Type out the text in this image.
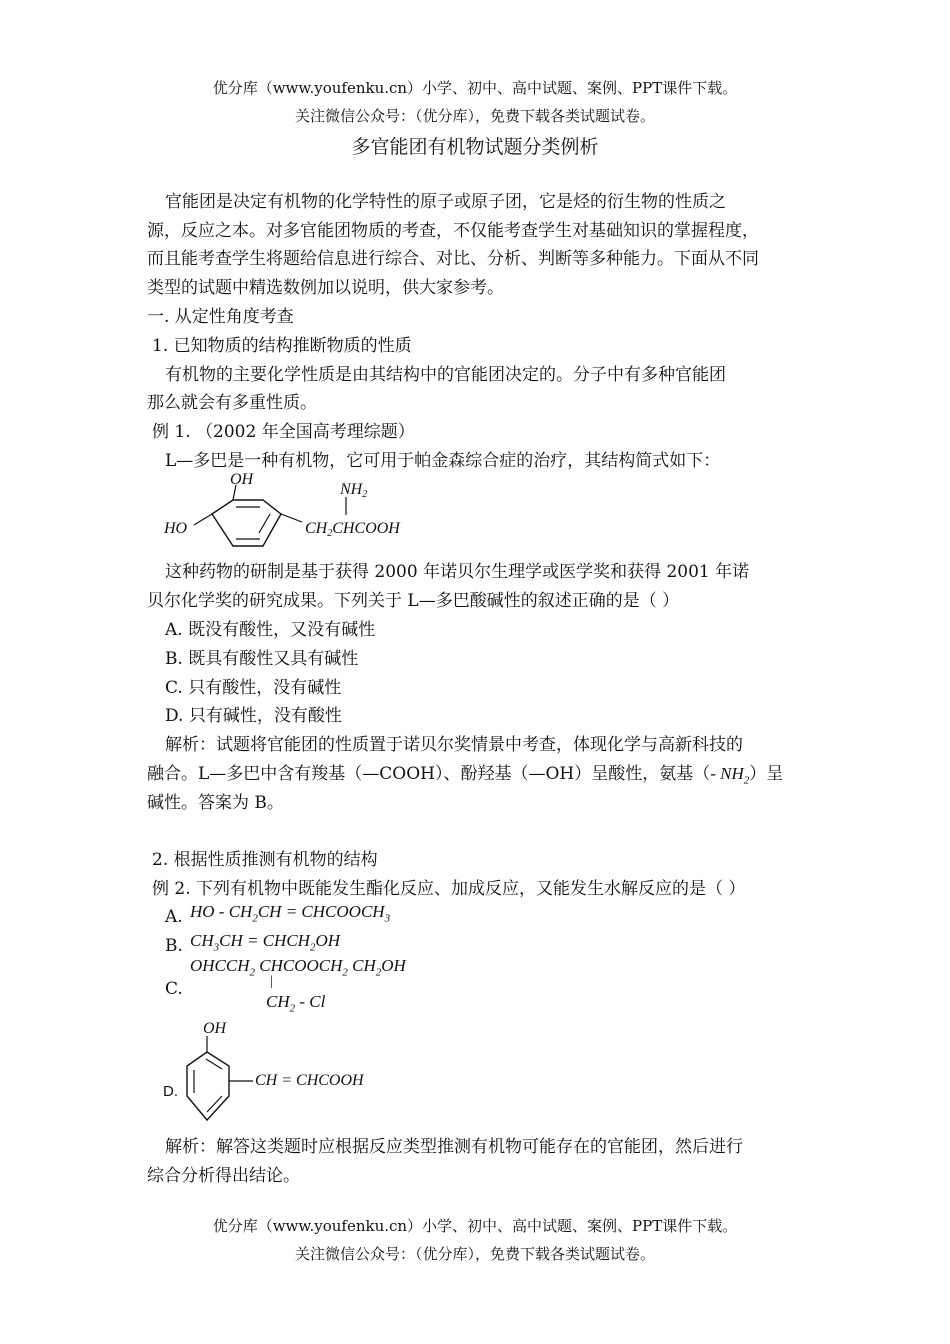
优分库（www.youfenku.cn）小学、初中、高中试题、案例、PPT课件下载。
关注微信公众号：（优分库），免费下载各类试题试卷。
多官能团有机物试题分类例析
官能团是决定有机物的化学特性的原子或原子团，它是烃的衍生物的性质之
源，反应之本。对多官能团物质的考查，不仅能考查学生对基础知识的掌握程度，
而且能考查学生将题给信息进行综合、对比、分析、判断等多种能力。下面从不同
类型的试题中精选数例加以说明，供大家参考。
一. 从定性角度考查
1. 已知物质的结构推断物质的性质
有机物的主要化学性质是由其结构中的官能团决定的。分子中有多种官能团
那么就会有多重性质。
例 1. （2002 年全国高考理综题）
L—多巴是一种有机物，它可用于帕金森综合症的治疗，其结构简式如下：
OH
HO
NH2
CH2CHCOOH
这种药物的研制是基于获得 2000 年诺贝尔生理学或医学奖和获得 2001 年诺
贝尔化学奖的研究成果。下列关于 L—多巴酸碱性的叙述正确的是（ ）
A. 既没有酸性，又没有碱性
B. 既具有酸性又具有碱性
C. 只有酸性，没有碱性
D. 只有碱性，没有酸性
解析：试题将官能团的性质置于诺贝尔奖情景中考查，体现化学与高新科技的
融合。L—多巴中含有羧基（—COOH）、酚羟基（—OH）呈酸性，氨基（- $NH_2$）呈
碱性。答案为 B。
2. 根据性质推测有机物的结构
例 2. 下列有机物中既能发生酯化反应、加成反应，又能发生水解反应的是（ ）
A. HO - $CH_2CH$ = $CHCOOCH_3$
B. $CH_3CH$ = $CHCH_2OH$
$OHCCH_2$ $CHCOOCH_2$ $CH_2OH$
C.	|
$CH_2$ - Cl
D.
OH
CH = CHCOOH
解析：解答这类题时应根据反应类型推测有机物可能存在的官能团，然后进行
综合分析得出结论。
优分库（www.youfenku.cn）小学、初中、高中试题、案例、PPT课件下载。
关注微信公众号：（优分库），免费下载各类试题试卷。
